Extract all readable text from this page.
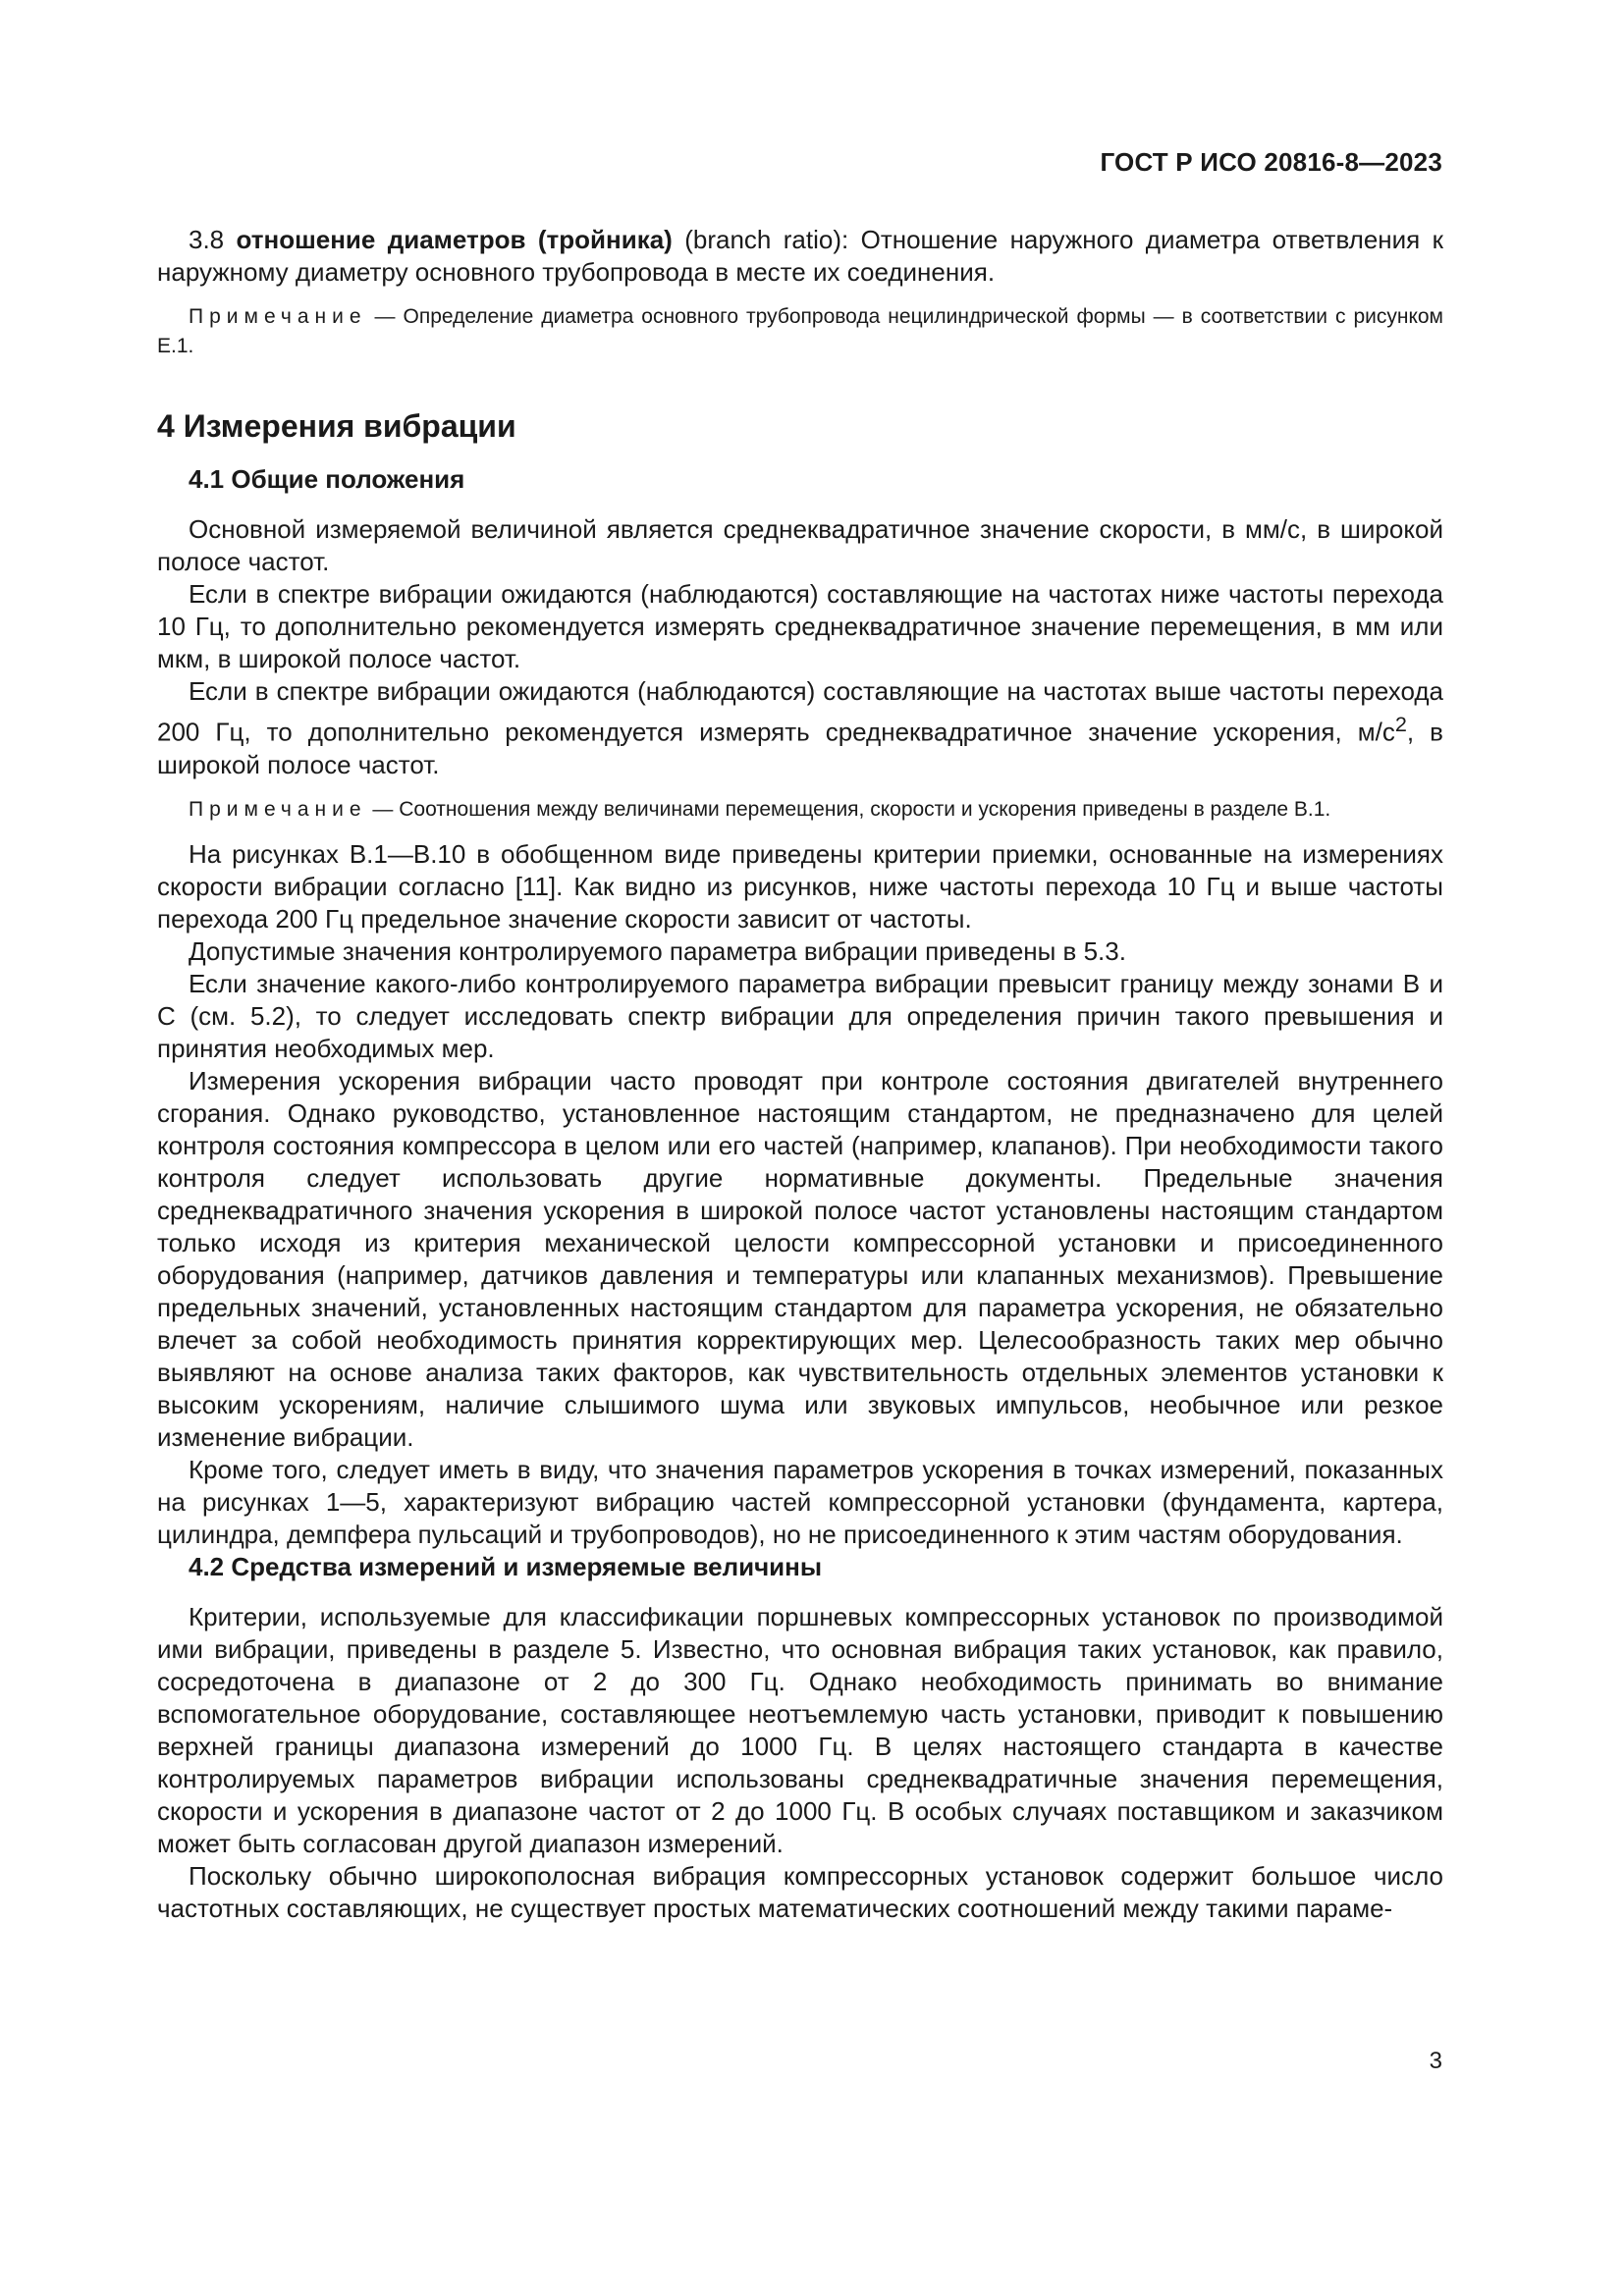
ГОСТ Р ИСО 20816-8—2023

3.8 отношение диаметров (тройника) (branch ratio): Отношение наружного диаметра ответвления к наружному диаметру основного трубопровода в месте их соединения.

Примечание — Определение диаметра основного трубопровода нецилиндрической формы — в соответствии с рисунком Е.1.

4 Измерения вибрации
4.1 Общие положения

Основной измеряемой величиной является среднеквадратичное значение скорости, в мм/с, в широкой полосе частот.

Если в спектре вибрации ожидаются (наблюдаются) составляющие на частотах ниже частоты перехода 10 Гц, то дополнительно рекомендуется измерять среднеквадратичное значение перемещения, в мм или мкм, в широкой полосе частот.

Если в спектре вибрации ожидаются (наблюдаются) составляющие на частотах выше частоты перехода 200 Гц, то дополнительно рекомендуется измерять среднеквадратичное значение ускорения, $м/с^2$, в широкой полосе частот.

Примечание — Соотношения между величинами перемещения, скорости и ускорения приведены в разделе В.1.

На рисунках В.1—В.10 в обобщенном виде приведены критерии приемки, основанные на измерениях скорости вибрации согласно [11]. Как видно из рисунков, ниже частоты перехода 10 Гц и выше частоты перехода 200 Гц предельное значение скорости зависит от частоты.

Допустимые значения контролируемого параметра вибрации приведены в 5.3.

Если значение какого-либо контролируемого параметра вибрации превысит границу между зонами В и С (см. 5.2), то следует исследовать спектр вибрации для определения причин такого превышения и принятия необходимых мер.

Измерения ускорения вибрации часто проводят при контроле состояния двигателей внутреннего сгорания. Однако руководство, установленное настоящим стандартом, не предназначено для целей контроля состояния компрессора в целом или его частей (например, клапанов). При необходимости такого контроля следует использовать другие нормативные документы. Предельные значения среднеквадратичного значения ускорения в широкой полосе частот установлены настоящим стандартом только исходя из критерия механической целости компрессорной установки и присоединенного оборудования (например, датчиков давления и температуры или клапанных механизмов). Превышение предельных значений, установленных настоящим стандартом для параметра ускорения, не обязательно влечет за собой необходимость принятия корректирующих мер. Целесообразность таких мер обычно выявляют на основе анализа таких факторов, как чувствительность отдельных элементов установки к высоким ускорениям, наличие слышимого шума или звуковых импульсов, необычное или резкое изменение вибрации.

Кроме того, следует иметь в виду, что значения параметров ускорения в точках измерений, показанных на рисунках 1—5, характеризуют вибрацию частей компрессорной установки (фундамента, картера, цилиндра, демпфера пульсаций и трубопроводов), но не присоединенного к этим частям оборудования.

4.2 Средства измерений и измеряемые величины

Критерии, используемые для классификации поршневых компрессорных установок по производимой ими вибрации, приведены в разделе 5. Известно, что основная вибрация таких установок, как правило, сосредоточена в диапазоне от 2 до 300 Гц. Однако необходимость принимать во внимание вспомогательное оборудование, составляющее неотъемлемую часть установки, приводит к повышению верхней границы диапазона измерений до 1000 Гц. В целях настоящего стандарта в качестве контролируемых параметров вибрации использованы среднеквадратичные значения перемещения, скорости и ускорения в диапазоне частот от 2 до 1000 Гц. В особых случаях поставщиком и заказчиком может быть согласован другой диапазон измерений.

Поскольку обычно широкополосная вибрация компрессорных установок содержит большое число частотных составляющих, не существует простых математических соотношений между такими параме-

3
